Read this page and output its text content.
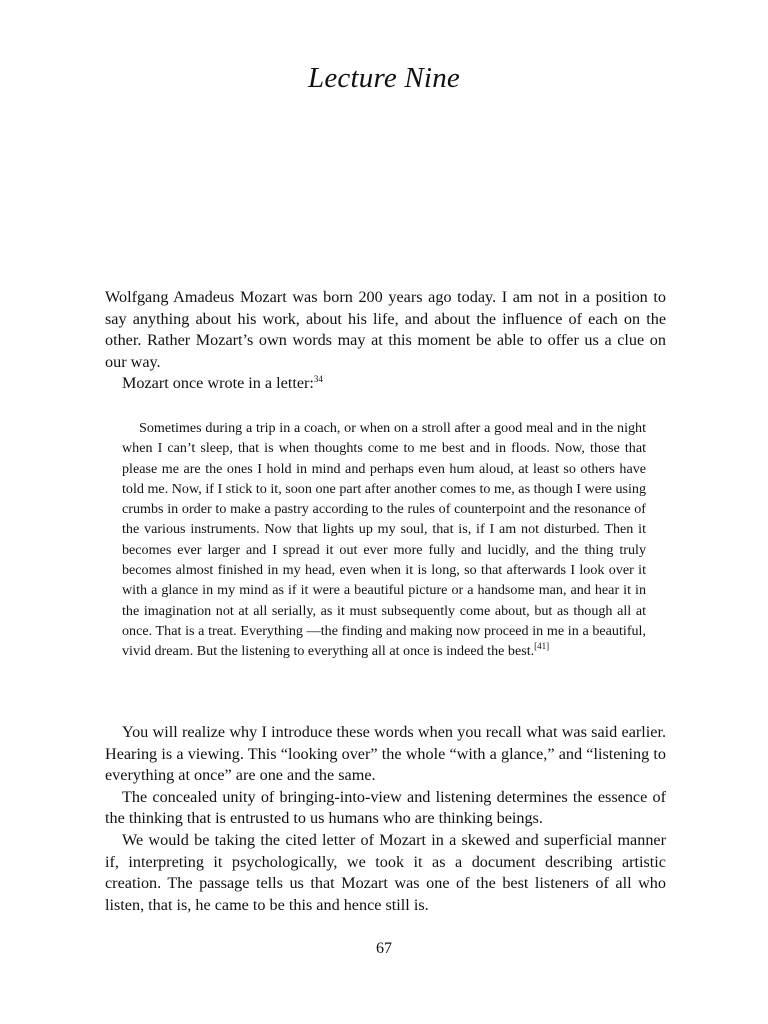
Lecture Nine

Wolfgang Amadeus Mozart was born 200 years ago today. I am not in a position to say anything about his work, about his life, and about the influence of each on the other. Rather Mozart’s own words may at this moment be able to offer us a clue on our way.

Mozart once wrote in a letter:$^{34}$

Sometimes during a trip in a coach, or when on a stroll after a good meal and in the night when I can’t sleep, that is when thoughts come to me best and in floods. Now, those that please me are the ones I hold in mind and perhaps even hum aloud, at least so others have told me. Now, if I stick to it, soon one part after another comes to me, as though I were using crumbs in order to make a pastry according to the rules of counterpoint and the resonance of the various instruments. Now that lights up my soul, that is, if I am not disturbed. Then it becomes ever larger and I spread it out ever more fully and lucidly, and the thing truly becomes almost finished in my head, even when it is long, so that afterwards I look over it with a glance in my mind as if it were a beautiful picture or a handsome man, and hear it in the imagination not at all serially, as it must subsequently come about, but as though all at once. That is a treat. Everything —the finding and making now proceed in me in a beautiful, vivid dream. But the listening to everything all at once is indeed the best.[41]

You will realize why I introduce these words when you recall what was said earlier. Hearing is a viewing. This “looking over” the whole “with a glance,” and “listening to everything at once” are one and the same.

The concealed unity of bringing-into-view and listening determines the essence of the thinking that is entrusted to us humans who are thinking beings.

We would be taking the cited letter of Mozart in a skewed and superficial manner if, interpreting it psychologically, we took it as a document describing artistic creation. The passage tells us that Mozart was one of the best listeners of all who listen, that is, he came to be this and hence still is.

67
